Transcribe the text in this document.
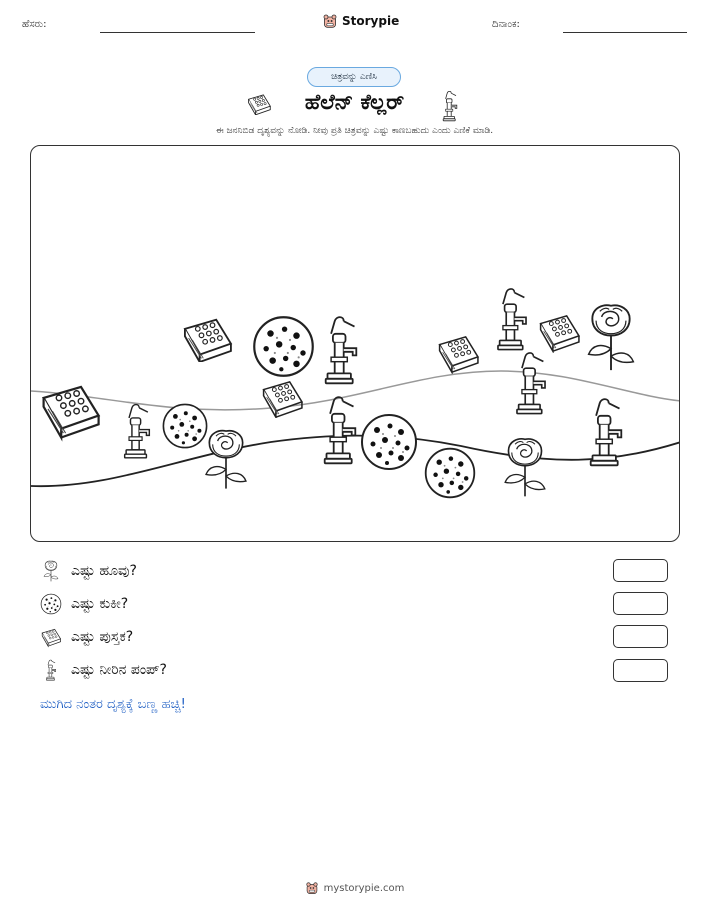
ಹೆಸರು:	Storypie	ದಿನಾಂಕ:
ಚಿತ್ರವನ್ನು ಎಣಿಸಿ
ಹೆಲೆನ್ ಕೆಲ್ಲರ್
ಈ ಜನನಿಬಿಡ ದೃಶ್ಯವನ್ನು ನೋಡಿ. ನೀವು ಪ್ರತಿ ಚಿತ್ರವನ್ನು ಎಷ್ಟು ಕಾಣಬಹುದು ಎಂದು ಎಣಿಕೆ ಮಾಡಿ.
ಎಷ್ಟು ಹೂವು?
ಎಷ್ಟು ಕುಕೀ?
ಎಷ್ಟು ಪುಸ್ತಕ?
ಎಷ್ಟು ನೀರಿನ ಪಂಪ್?
ಮುಗಿದ ನಂತರ ದೃಶ್ಯಕ್ಕೆ ಬಣ್ಣ ಹಚ್ಚಿ!
mystorypie.com
